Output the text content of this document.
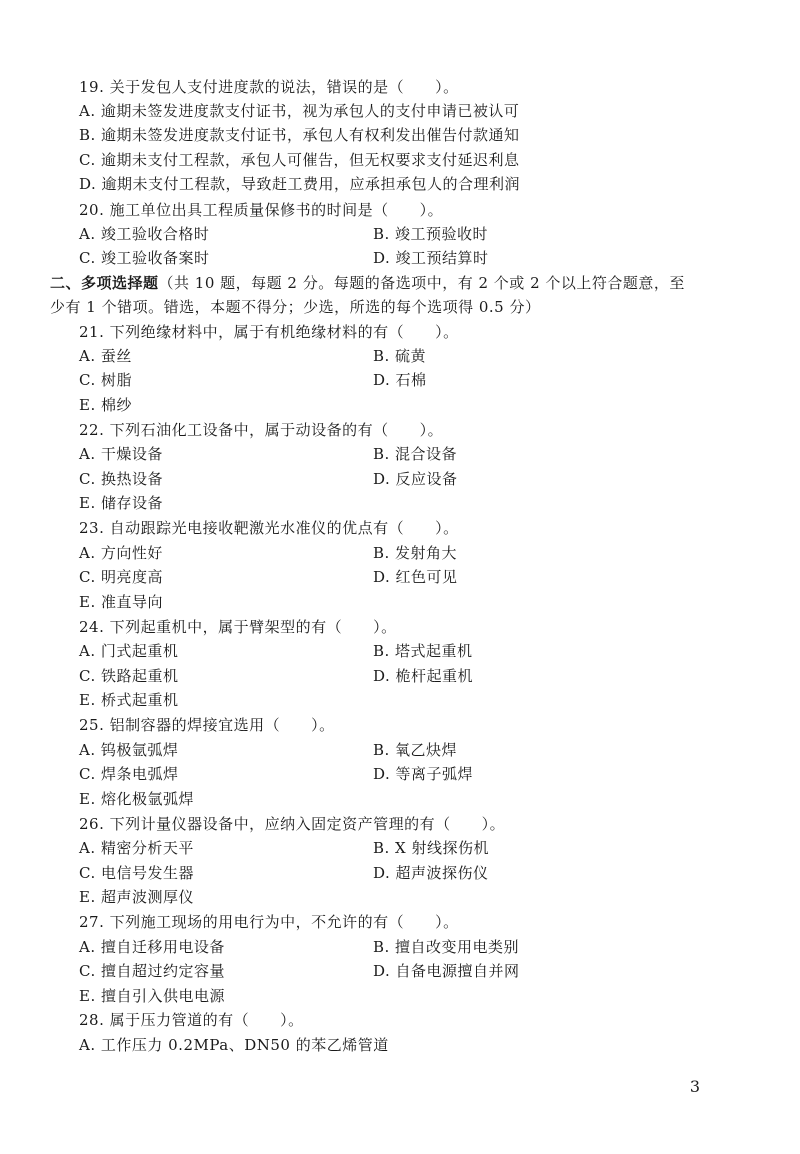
19. 关于发包人支付进度款的说法，错误的是（　　）。
A. 逾期未签发进度款支付证书，视为承包人的支付申请已被认可
B. 逾期未签发进度款支付证书，承包人有权利发出催告付款通知
C. 逾期未支付工程款，承包人可催告，但无权要求支付延迟利息
D. 逾期未支付工程款，导致赶工费用，应承担承包人的合理利润
20. 施工单位出具工程质量保修书的时间是（　　）。
A. 竣工验收合格时	B. 竣工预验收时
C. 竣工验收备案时	D. 竣工预结算时
二、多项选择题（共 10 题，每题 2 分。每题的备选项中，有 2 个或 2 个以上符合题意，至
少有 1 个错项。错选，本题不得分；少选，所选的每个选项得 0.5 分）
21. 下列绝缘材料中，属于有机绝缘材料的有（　　）。
A. 蚕丝	B. 硫黄
C. 树脂	D. 石棉
E. 棉纱
22. 下列石油化工设备中，属于动设备的有（　　）。
A. 干燥设备	B. 混合设备
C. 换热设备	D. 反应设备
E. 储存设备
23. 自动跟踪光电接收靶激光水准仪的优点有（　　）。
A. 方向性好	B. 发射角大
C. 明亮度高	D. 红色可见
E. 准直导向
24. 下列起重机中，属于臂架型的有（　　）。
A. 门式起重机	B. 塔式起重机
C. 铁路起重机	D. 桅杆起重机
E. 桥式起重机
25. 铝制容器的焊接宜选用（　　）。
A. 钨极氩弧焊	B. 氧乙炔焊
C. 焊条电弧焊	D. 等离子弧焊
E. 熔化极氩弧焊
26. 下列计量仪器设备中，应纳入固定资产管理的有（　　）。
A. 精密分析天平	B. X 射线探伤机
C. 电信号发生器	D. 超声波探伤仪
E. 超声波测厚仪
27. 下列施工现场的用电行为中，不允许的有（　　）。
A. 擅自迁移用电设备	B. 擅自改变用电类别
C. 擅自超过约定容量	D. 自备电源擅自并网
E. 擅自引入供电电源
28. 属于压力管道的有（　　）。
A. 工作压力 0.2MPa、DN50 的苯乙烯管道
3
